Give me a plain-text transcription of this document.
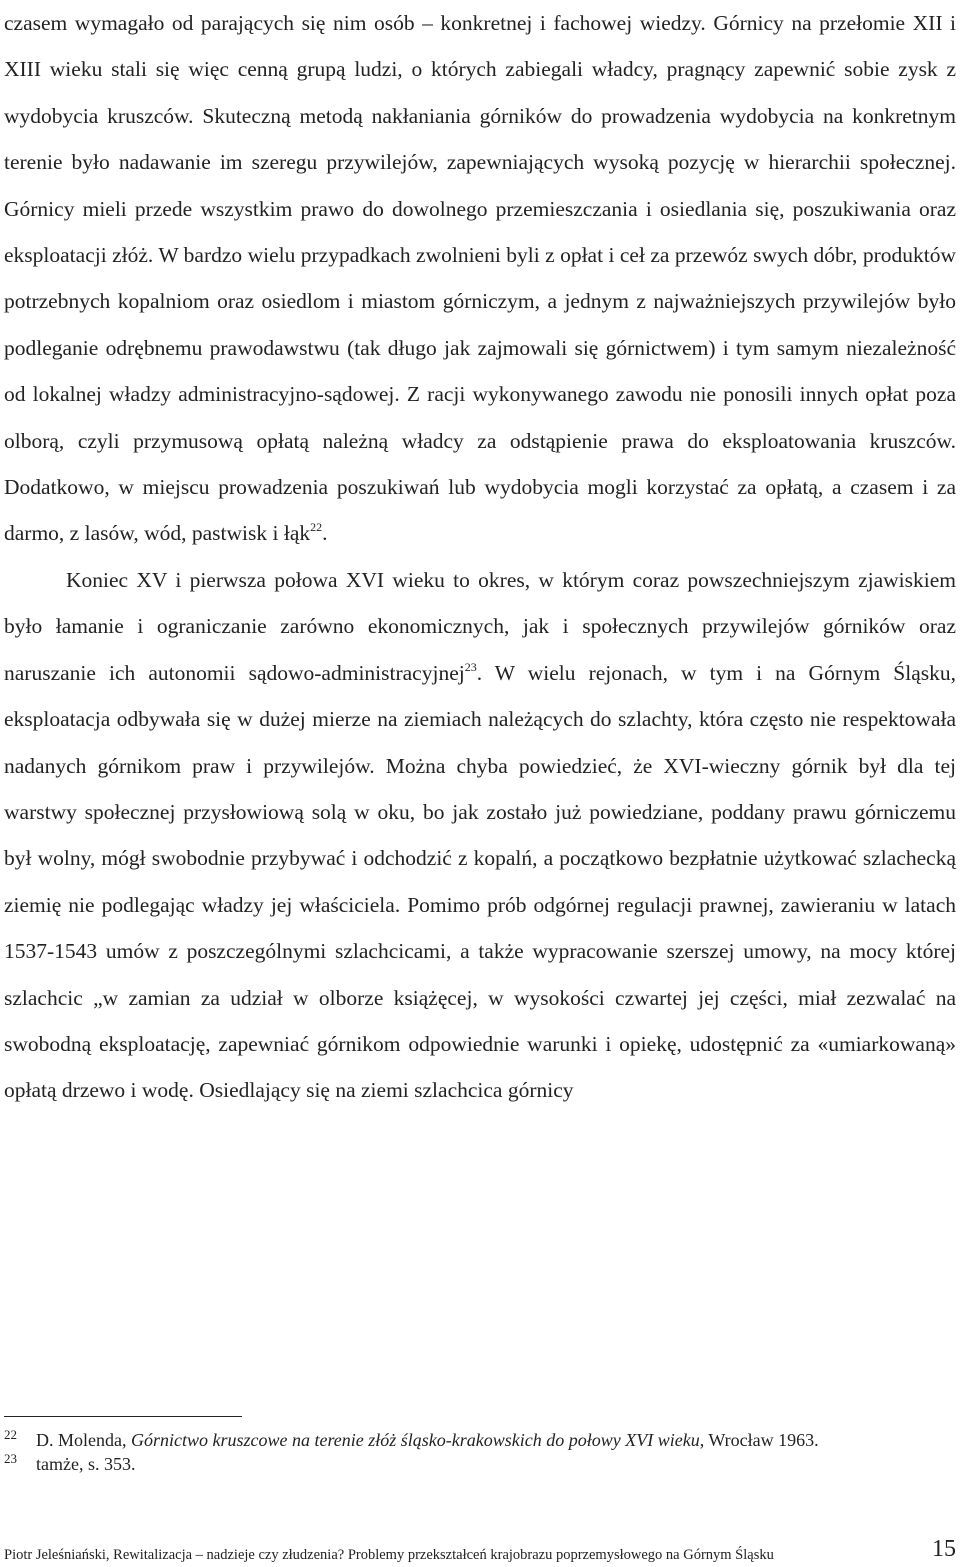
czasem wymagało od parających się nim osób – konkretnej i fachowej wiedzy. Górnicy na przełomie XII i XIII wieku stali się więc cenną grupą ludzi, o których zabiegali władcy, pragnący zapewnić sobie zysk z wydobycia kruszców. Skuteczną metodą nakłaniania górników do prowadzenia wydobycia na konkretnym terenie było nadawanie im szeregu przywilejów, zapewniających wysoką pozycję w hierarchii społecznej. Górnicy mieli przede wszystkim prawo do dowolnego przemieszczania i osiedlania się, poszukiwania oraz eksploatacji złóż. W bardzo wielu przypadkach zwolnieni byli z opłat i ceł za przewóz swych dóbr, produktów potrzebnych kopalniom oraz osiedlom i miastom górniczym, a jednym z najważniejszych przywilejów było podleganie odrębnemu prawodawstwu (tak długo jak zajmowali się górnictwem) i tym samym niezależność od lokalnej władzy administracyjno-sądowej. Z racji wykonywanego zawodu nie ponosili innych opłat poza olborą, czyli przymusową opłatą należną władcy za odstąpienie prawa do eksploatowania kruszców. Dodatkowo, w miejscu prowadzenia poszukiwań lub wydobycia mogli korzystać za opłatą, a czasem i za darmo, z lasów, wód, pastwisk i łąk$^{22}$.

Koniec XV i pierwsza połowa XVI wieku to okres, w którym coraz powszechniejszym zjawiskiem było łamanie i ograniczanie zarówno ekonomicznych, jak i społecznych przywilejów górników oraz naruszanie ich autonomii sądowo-administracyjnej$^{23}$. W wielu rejonach, w tym i na Górnym Śląsku, eksploatacja odbywała się w dużej mierze na ziemiach należących do szlachty, która często nie respektowała nadanych górnikom praw i przywilejów. Można chyba powiedzieć, że XVI-wieczny górnik był dla tej warstwy społecznej przysłowiową solą w oku, bo jak zostało już powiedziane, poddany prawu górniczemu był wolny, mógł swobodnie przybywać i odchodzić z kopalń, a początkowo bezpłatnie użytkować szlachecką ziemię nie podlegając władzy jej właściciela. Pomimo prób odgórnej regulacji prawnej, zawieraniu w latach 1537-1543 umów z poszczególnymi szlachcicami, a także wypracowanie szerszej umowy, na mocy której szlachcic „w zamian za udział w olborze książęcej, w wysokości czwartej jej części, miał zezwalać na swobodną eksploatację, zapewniać górnikom odpowiednie warunki i opiekę, udostępnić za «umiarkowaną» opłatą drzewo i wodę. Osiedlający się na ziemi szlachcica górnicy

22 D. Molenda, Górnictwo kruszcowe na terenie złóż śląsko-krakowskich do połowy XVI wieku, Wrocław 1963.

23 tamże, s. 353.

Piotr Jeleśniański, Rewitalizacja – nadzieje czy złudzenia? Problemy przekształceń krajobrazu poprzemysłowego na Górnym Śląsku	15
